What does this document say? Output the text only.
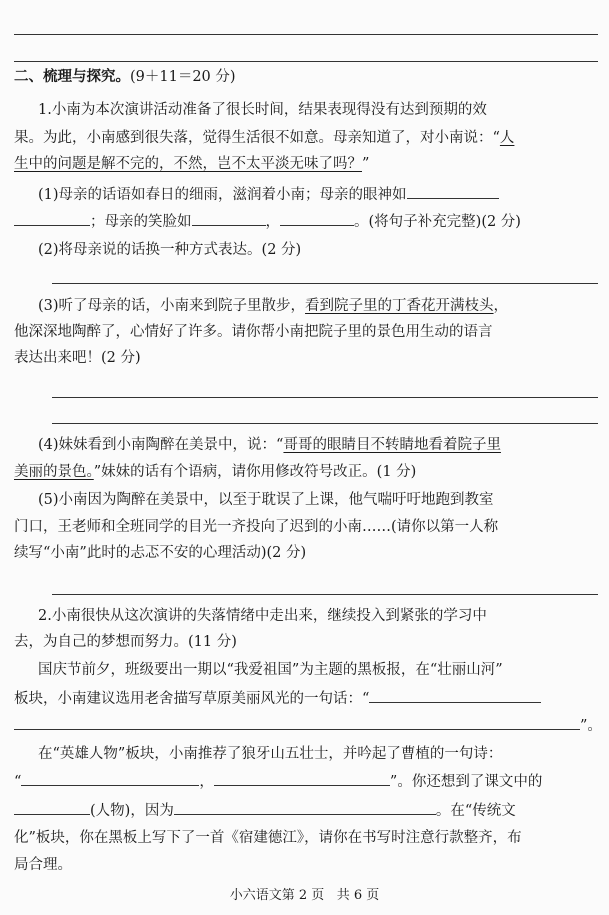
二、梳理与探究。(9＋11＝20 分)
1.小南为本次演讲活动准备了很长时间，结果表现得没有达到预期的效
果。为此，小南感到很失落，觉得生活很不如意。母亲知道了，对小南说：“人
生中的问题是解不完的，不然，岂不太平淡无味了吗？”
(1)母亲的话语如春日的细雨，滋润着小南；母亲的眼神如
；母亲的笑脸如	，	。(将句子补充完整)(2 分)
(2)将母亲说的话换一种方式表达。(2 分)
(3)听了母亲的话，小南来到院子里散步，看到院子里的丁香花开满枝头，
他深深地陶醉了，心情好了许多。请你帮小南把院子里的景色用生动的语言
表达出来吧！(2 分)
(4)妹妹看到小南陶醉在美景中，说：“哥哥的眼睛目不转睛地看着院子里
美丽的景色。”妹妹的话有个语病，请你用修改符号改正。(1 分)
(5)小南因为陶醉在美景中，以至于耽误了上课，他气喘吁吁地跑到教室
门口，王老师和全班同学的目光一齐投向了迟到的小南……(请你以第一人称
续写“小南”此时的忐忑不安的心理活动)(2 分)
2.小南很快从这次演讲的失落情绪中走出来，继续投入到紧张的学习中
去，为自己的梦想而努力。(11 分)
国庆节前夕，班级要出一期以“我爱祖国”为主题的黑板报，在“壮丽山河”
板块，小南建议选用老舍描写草原美丽风光的一句话：“
”。
在“英雄人物”板块，小南推荐了狼牙山五壮士，并吟起了曹植的一句诗：
“	，	”。你还想到了课文中的
(人物)，因为	。在“传统文
化”板块，你在黑板上写下了一首《宿建德江》，请你在书写时注意行款整齐，布
局合理。
小六语文第 2 页 共 6 页
